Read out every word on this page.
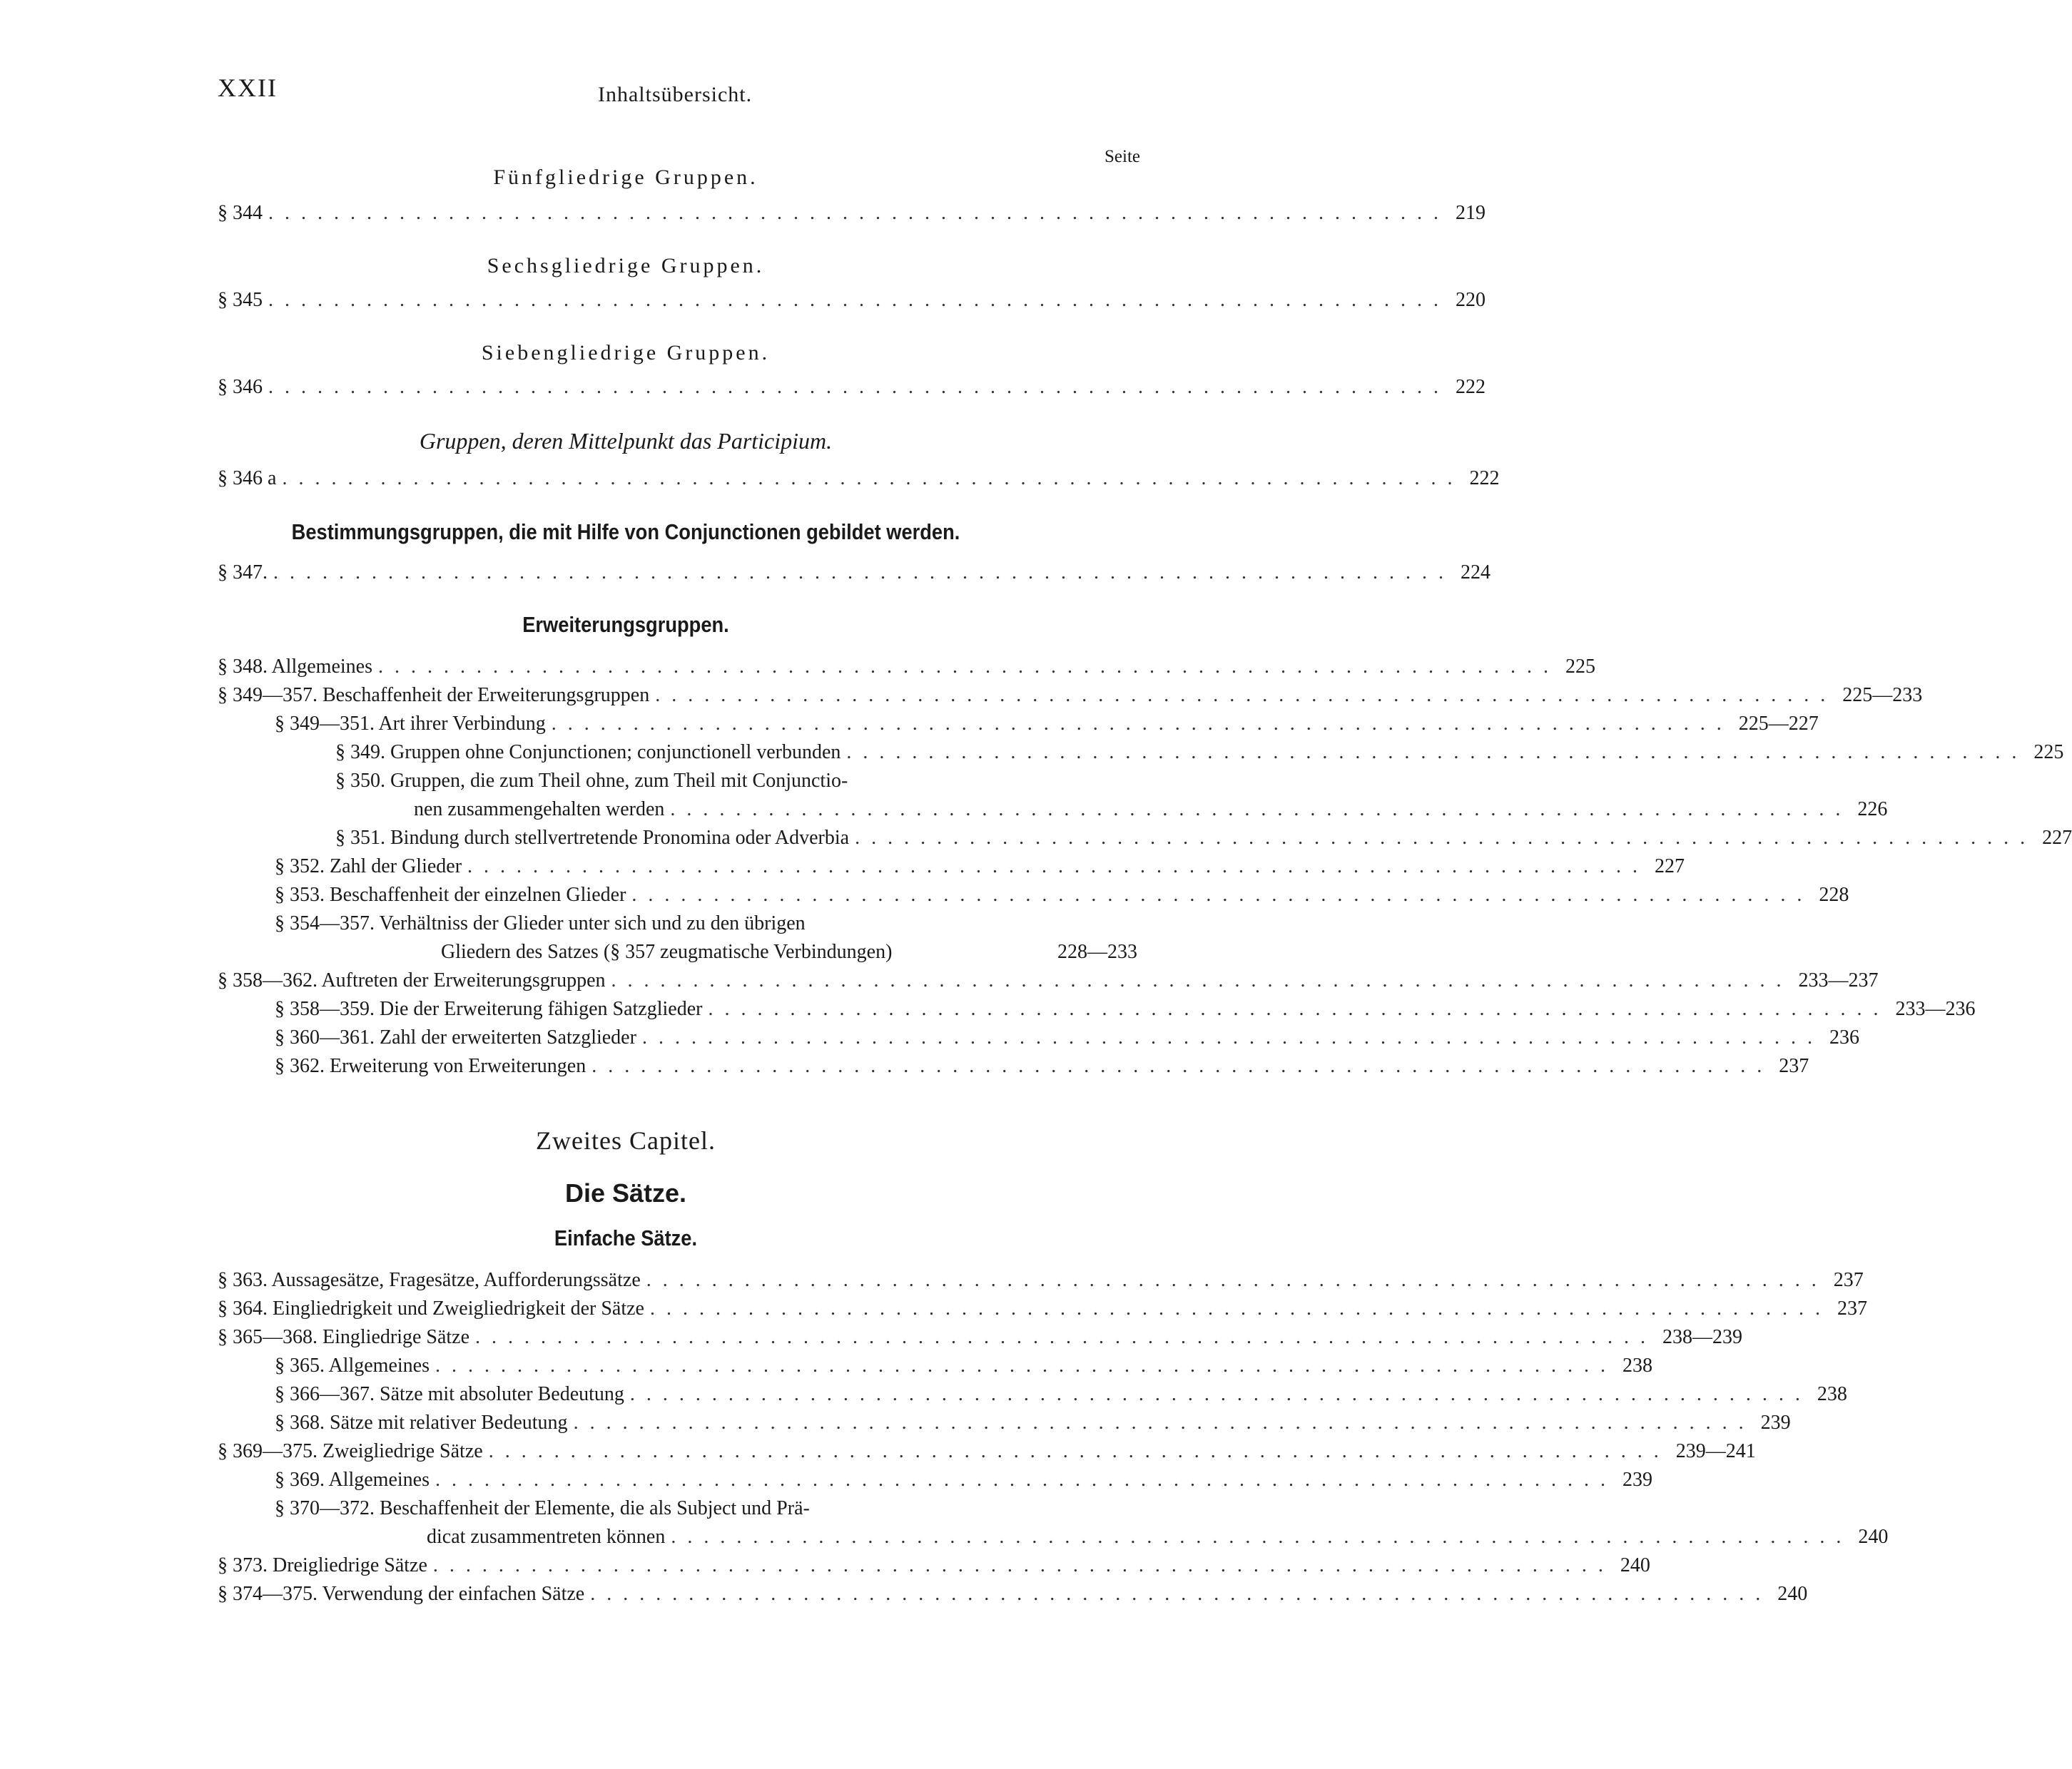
XXII	Inhaltsübersicht.
Seite
Fünfgliedrige Gruppen.
§ 344 ........................................................................ 219
Sechsgliedrige Gruppen.
§ 345 ........................................................................ 220
Siebengliedrige Gruppen.
§ 346 ........................................................................ 222
Gruppen, deren Mittelpunkt das Participium.
§ 346 a ........................................................................ 222
Bestimmungsgruppen, die mit Hilfe von Conjunctionen gebildet werden.
§ 347. ........................................................................ 224
Erweiterungsgruppen.
§ 348. Allgemeines ........................................................................ 225
§ 349—357. Beschaffenheit der Erweiterungsgruppen ........................................................................ 225—233
§ 349—351. Art ihrer Verbindung ........................................................................ 225—227
§ 349. Gruppen ohne Conjunctionen; conjunctionell verbunden ........................................................................ 225
§ 350. Gruppen, die zum Theil ohne, zum Theil mit Conjunctio-
nen zusammengehalten werden ........................................................................ 226
§ 351. Bindung durch stellvertretende Pronomina oder Adverbia ........................................................................ 227
§ 352. Zahl der Glieder ........................................................................ 227
§ 353. Beschaffenheit der einzelnen Glieder ........................................................................ 228
§ 354—357. Verhältniss der Glieder unter sich und zu den übrigen
Gliedern des Satzes (§ 357 zeugmatische Verbindungen)	228—233
§ 358—362. Auftreten der Erweiterungsgruppen ........................................................................ 233—237
§ 358—359. Die der Erweiterung fähigen Satzglieder ........................................................................ 233—236
§ 360—361. Zahl der erweiterten Satzglieder ........................................................................ 236
§ 362. Erweiterung von Erweiterungen ........................................................................ 237
Zweites Capitel.
Die Sätze.
Einfache Sätze.
§ 363. Aussagesätze, Fragesätze, Aufforderungssätze ........................................................................ 237
§ 364. Eingliedrigkeit und Zweigliedrigkeit der Sätze ........................................................................ 237
§ 365—368. Eingliedrige Sätze ........................................................................ 238—239
§ 365. Allgemeines ........................................................................ 238
§ 366—367. Sätze mit absoluter Bedeutung ........................................................................ 238
§ 368. Sätze mit relativer Bedeutung ........................................................................ 239
§ 369—375. Zweigliedrige Sätze ........................................................................ 239—241
§ 369. Allgemeines ........................................................................ 239
§ 370—372. Beschaffenheit der Elemente, die als Subject und Prä-
dicat zusammentreten können ........................................................................ 240
§ 373. Dreigliedrige Sätze ........................................................................ 240
§ 374—375. Verwendung der einfachen Sätze ........................................................................ 240
